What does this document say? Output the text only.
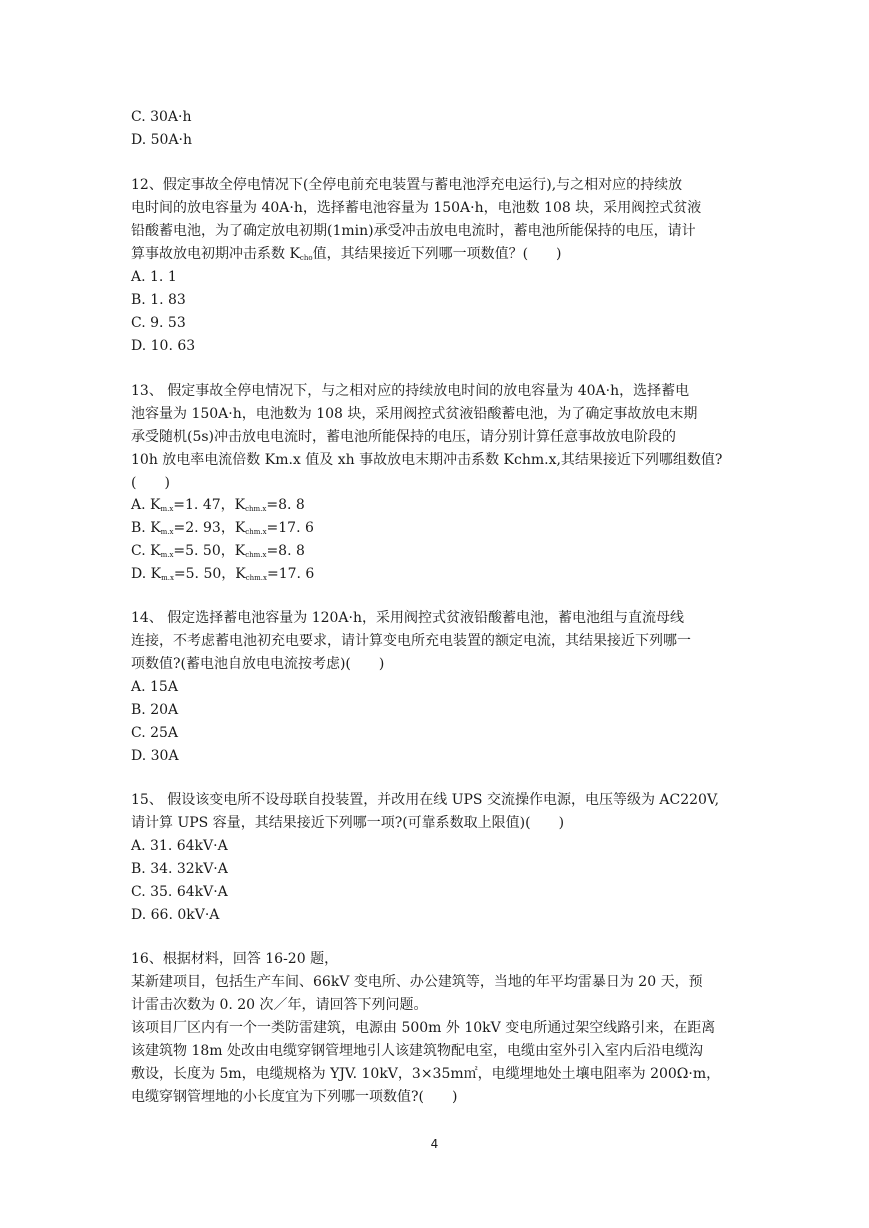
C. 30A·h
D. 50A·h
12、假定事故全停电情况下(全停电前充电装置与蓄电池浮充电运行),与之相对应的持续放
电时间的放电容量为 40A·h，选择蓄电池容量为 150A·h，电池数 108 块，采用阀控式贫液
铅酸蓄电池，为了确定放电初期(1min)承受冲击放电电流时，蓄电池所能保持的电压，请计
算事故放电初期冲击系数 $K_{cho}$值，其结果接近下列哪一项数值？(　　)
A. 1. 1
B. 1. 83
C. 9. 53
D. 10. 63
13、 假定事故全停电情况下，与之相对应的持续放电时间的放电容量为 40A·h，选择蓄电
池容量为 150A·h，电池数为 108 块，采用阀控式贫液铅酸蓄电池，为了确定事故放电末期
承受随机(5s)冲击放电电流时，蓄电池所能保持的电压，请分别计算任意事故放电阶段的
10h 放电率电流倍数 Km.x 值及 xh 事故放电末期冲击系数 Kchm.x,其结果接近下列哪组数值?
(　　)
A. $K_{m.x}=1$. 47，$K_{chm.x}=8$. 8
B. $K_{m.x}=2$. 93，$K_{chm.x}=17$. 6
C. $K_{m.x}=5$. 50，$K_{chm.x}=8$. 8
D. $K_{m.x}=5$. 50，$K_{chm.x}=17$. 6
14、 假定选择蓄电池容量为 120A·h，采用阀控式贫液铅酸蓄电池，蓄电池组与直流母线
连接，不考虑蓄电池初充电要求，请计算变电所充电装置的额定电流，其结果接近下列哪一
项数值?(蓄电池自放电电流按考虑)(　　)
A. 15A
B. 20A
C. 25A
D. 30A
15、 假设该变电所不设母联自投装置，并改用在线 UPS 交流操作电源，电压等级为 AC220V,
请计算 UPS 容量，其结果接近下列哪一项?(可靠系数取上限值)(　　)
A. 31. 64kV·A
B. 34. 32kV·A
C. 35. 64kV·A
D. 66. 0kV·A
16、根据材料，回答 16-20 题，
某新建项目，包括生产车间、66kV 变电所、办公建筑等，当地的年平均雷暴日为 20 天，预
计雷击次数为 0. 20 次／年，请回答下列问题。
该项目厂区内有一个一类防雷建筑，电源由 500m 外 10kV 变电所通过架空线路引来，在距离
该建筑物 18m 处改由电缆穿钢管埋地引人该建筑物配电室，电缆由室外引入室内后沿电缆沟
敷设，长度为 5m，电缆规格为 YJV. 10kV，3×35m㎡，电缆埋地处土壤电阻率为 200Ω·m，
电缆穿钢管埋地的小长度宜为下列哪一项数值?(　　)
4
